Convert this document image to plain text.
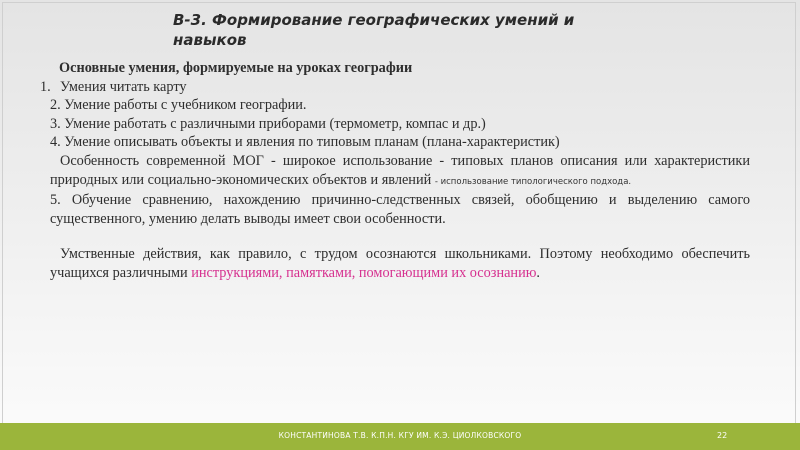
В-3. Формирование географических умений и навыков

Основные умения, формируемые на уроках географии

1. Умения читать карту

2. Умение работы с учебником географии.

3. Умение работать с различными приборами (термометр, компас и др.)

4. Умение описывать объекты и явления по типовым планам (плана-характеристик)

Особенность современной МОГ - широкое использование - типовых планов описания или характеристики природных или социально-экономических объектов и явлений - использование типологического подхода.

5. Обучение сравнению, нахождению причинно-следственных связей, обобщению и выделению самого существенного, умению делать выводы имеет свои особенности.

Умственные действия, как правило, с трудом осознаются школьниками. Поэтому необходимо обеспечить учащихся различными инструкциями, памятками, помогающими их осознанию.

КОНСТАНТИНОВА Т.В. К.П.Н. КГУ ИМ. К.Э. ЦИОЛКОВСКОГО	22
